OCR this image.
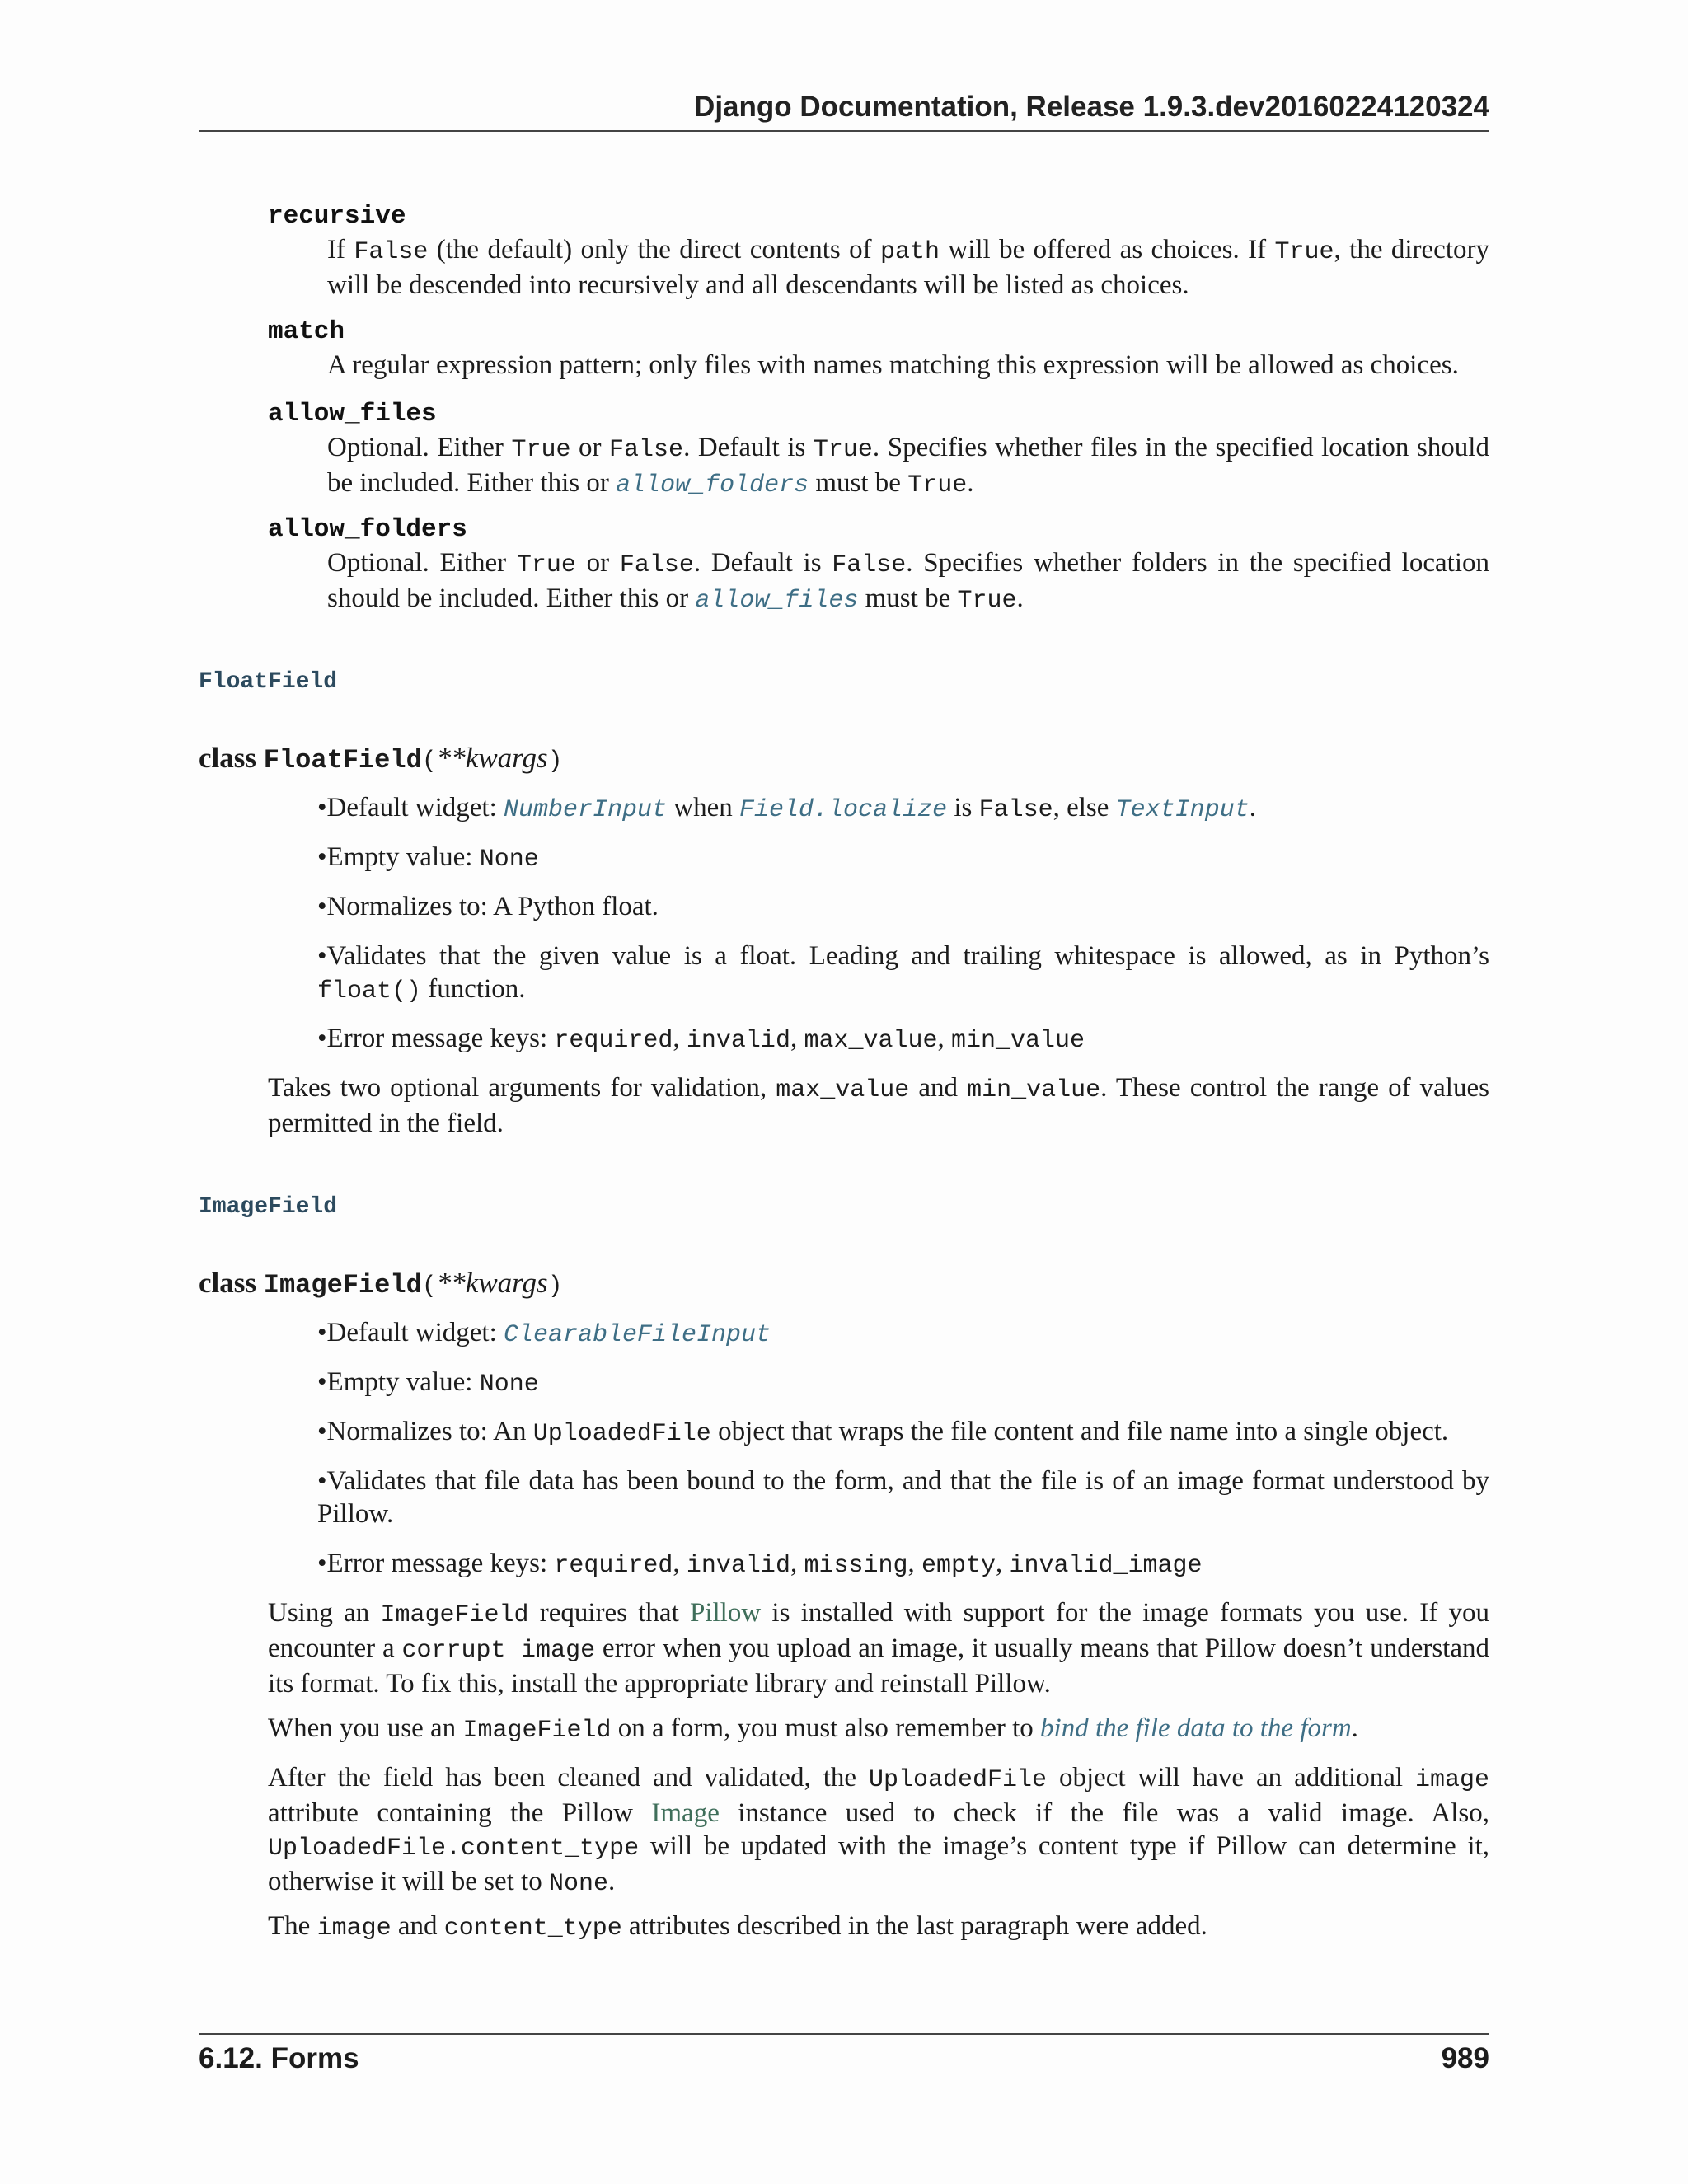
Django Documentation, Release 1.9.3.dev20160224120324
recursive
If False (the default) only the direct contents of path will be offered as choices. If True, the directory will be descended into recursively and all descendants will be listed as choices.
match
A regular expression pattern; only files with names matching this expression will be allowed as choices.
allow_files
Optional. Either True or False. Default is True. Specifies whether files in the specified location should be included. Either this or allow_folders must be True.
allow_folders
Optional. Either True or False. Default is False. Specifies whether folders in the specified location should be included. Either this or allow_files must be True.
FloatField
class FloatField(**kwargs)
•Default widget: NumberInput when Field.localize is False, else TextInput.
•Empty value: None
•Normalizes to: A Python float.
•Validates that the given value is a float. Leading and trailing whitespace is allowed, as in Python’s float() function.
•Error message keys: required, invalid, max_value, min_value
Takes two optional arguments for validation, max_value and min_value. These control the range of values permitted in the field.
ImageField
class ImageField(**kwargs)
•Default widget: ClearableFileInput
•Empty value: None
•Normalizes to: An UploadedFile object that wraps the file content and file name into a single object.
•Validates that file data has been bound to the form, and that the file is of an image format understood by Pillow.
•Error message keys: required, invalid, missing, empty, invalid_image
Using an ImageField requires that Pillow is installed with support for the image formats you use. If you encounter a corrupt image error when you upload an image, it usually means that Pillow doesn’t understand its format. To fix this, install the appropriate library and reinstall Pillow.
When you use an ImageField on a form, you must also remember to bind the file data to the form.
After the field has been cleaned and validated, the UploadedFile object will have an additional image attribute containing the Pillow Image instance used to check if the file was a valid image. Also, UploadedFile.content_type will be updated with the image’s content type if Pillow can determine it, otherwise it will be set to None.
The image and content_type attributes described in the last paragraph were added.
6.12. Forms	989
